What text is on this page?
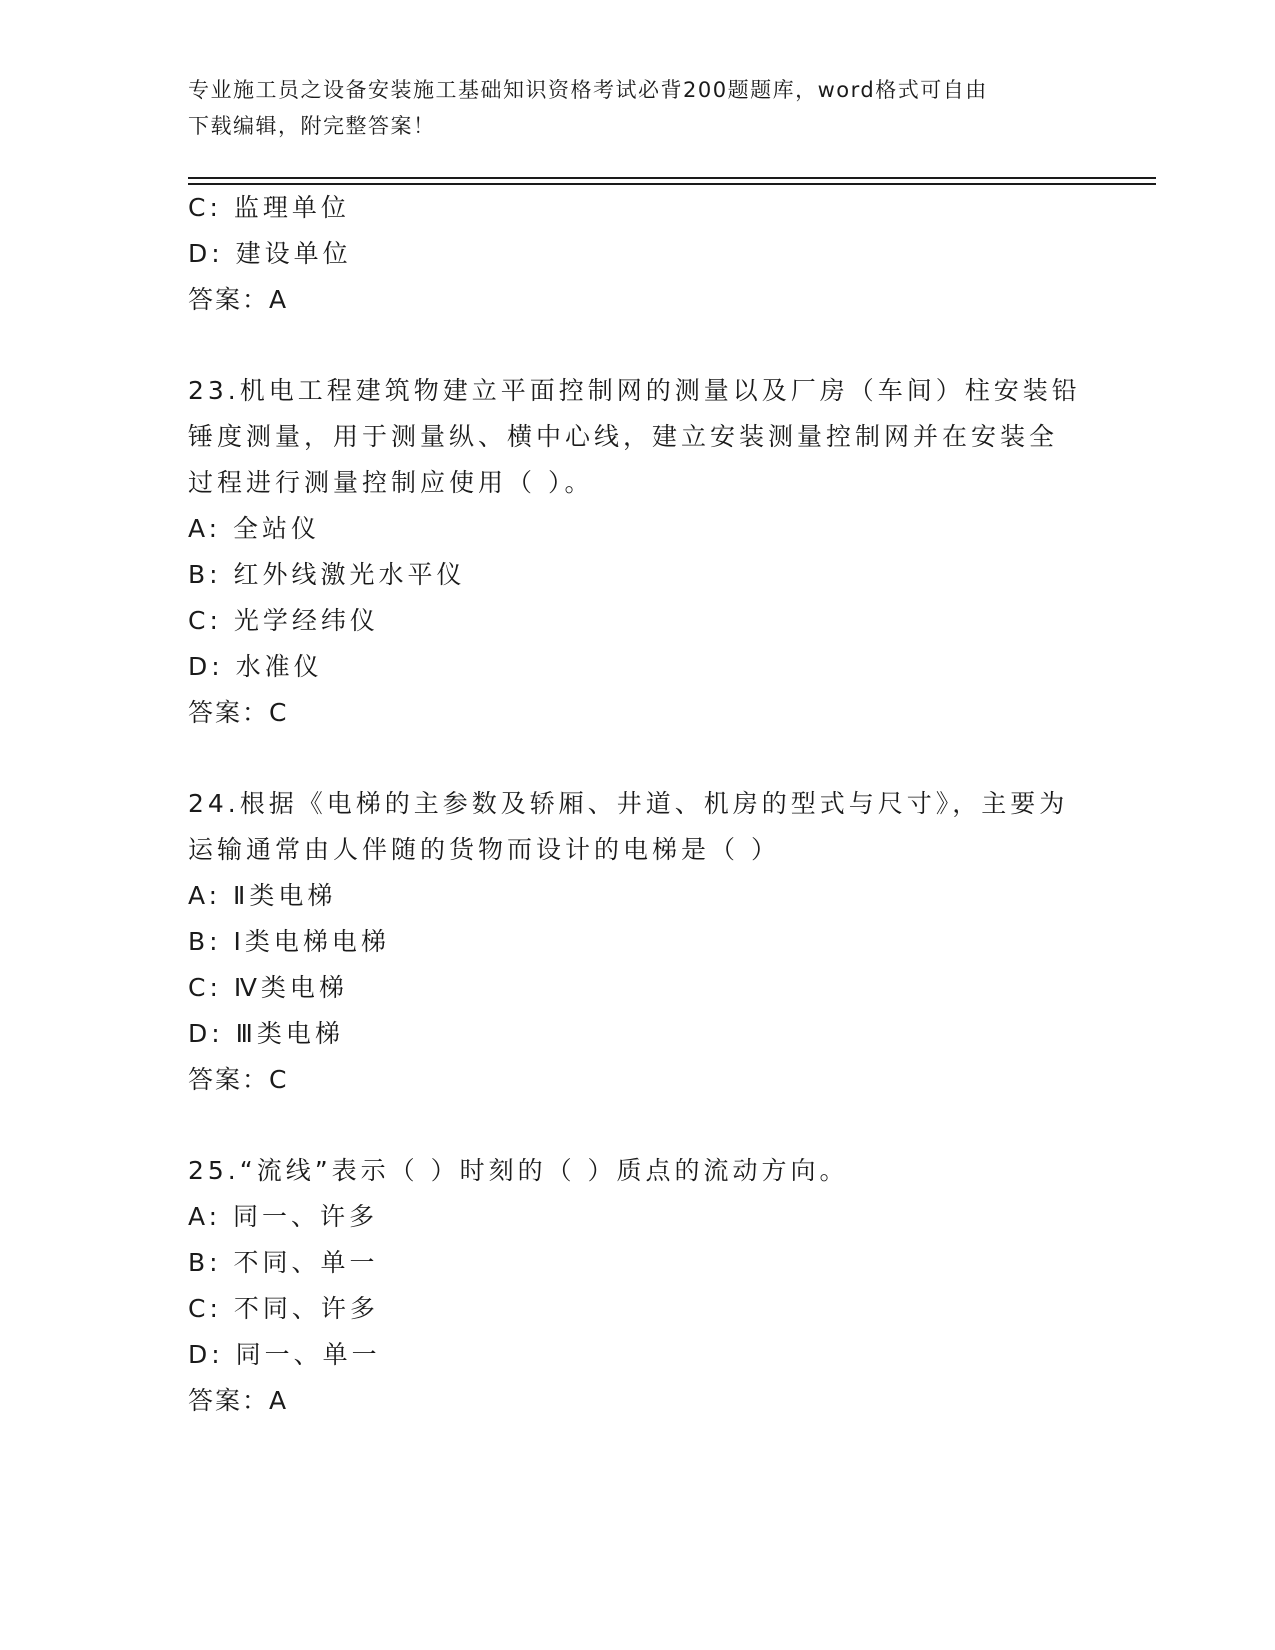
专业施工员之设备安装施工基础知识资格考试必背200题题库，word格式可自由
下载编辑，附完整答案！
C: 监理单位
D: 建设单位
答案：A
23.机电工程建筑物建立平面控制网的测量以及厂房（车间）柱安装铅
锤度测量，用于测量纵、横中心线，建立安装测量控制网并在安装全
过程进行测量控制应使用（ ）。
A: 全站仪
B: 红外线激光水平仪
C: 光学经纬仪
D: 水准仪
答案：C
24.根据《电梯的主参数及轿厢、井道、机房的型式与尺寸》，主要为
运输通常由人伴随的货物而设计的电梯是（ ）
A: Ⅱ类电梯
B: Ⅰ类电梯电梯
C: Ⅳ类电梯
D: Ⅲ类电梯
答案：C
25.“流线”表示（ ）时刻的（ ）质点的流动方向。
A: 同一、许多
B: 不同、单一
C: 不同、许多
D: 同一、单一
答案：A
